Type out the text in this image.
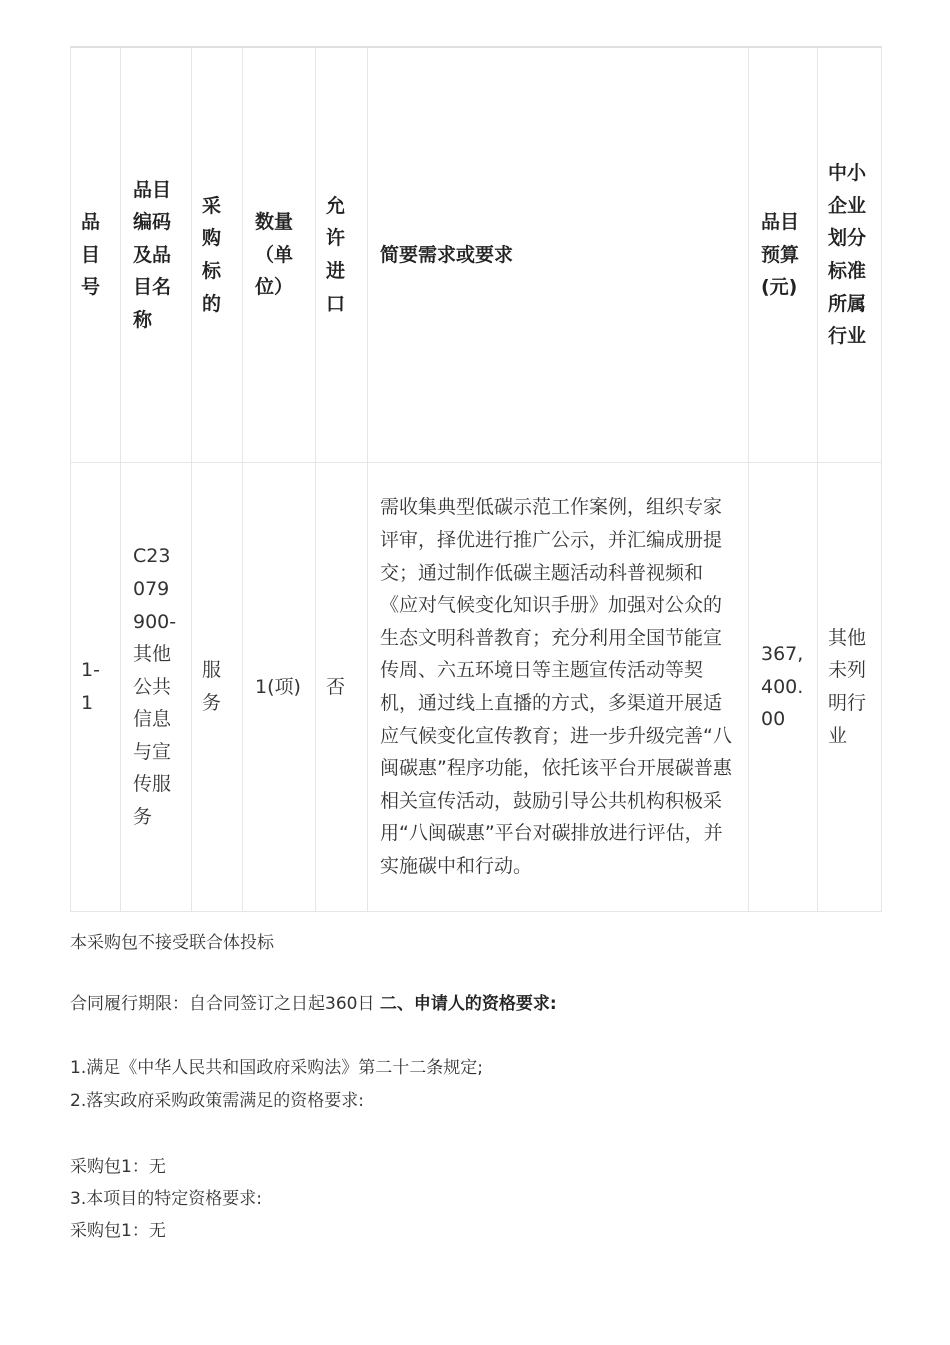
品目号	品目编码及品目名称	采购标的	数量（单位）	允许进口	简要需求或要求	品目预算(元)	中小企业划分标准所属行业
1-1	C23079900-其他公共信息与宣传服务	服务	1(项)	否	需收集典型低碳示范工作案例，组织专家评审，择优进行推广公示，并汇编成册提交；通过制作低碳主题活动科普视频和《应对气候变化知识手册》加强对公众的生态文明科普教育；充分利用全国节能宣传周、六五环境日等主题宣传活动等契机，通过线上直播的方式，多渠道开展适应气候变化宣传教育；进一步升级完善“八闽碳惠”程序功能，依托该平台开展碳普惠相关宣传活动，鼓励引导公共机构积极采用“八闽碳惠”平台对碳排放进行评估，并实施碳中和行动。	367,400.00	其他未列明行业
本采购包不接受联合体投标
合同履行期限：自合同签订之日起360日 二、申请人的资格要求:
1.满足《中华人民共和国政府采购法》第二十二条规定;
2.落实政府采购政策需满足的资格要求:
采购包1：无
3.本项目的特定资格要求:
采购包1：无
